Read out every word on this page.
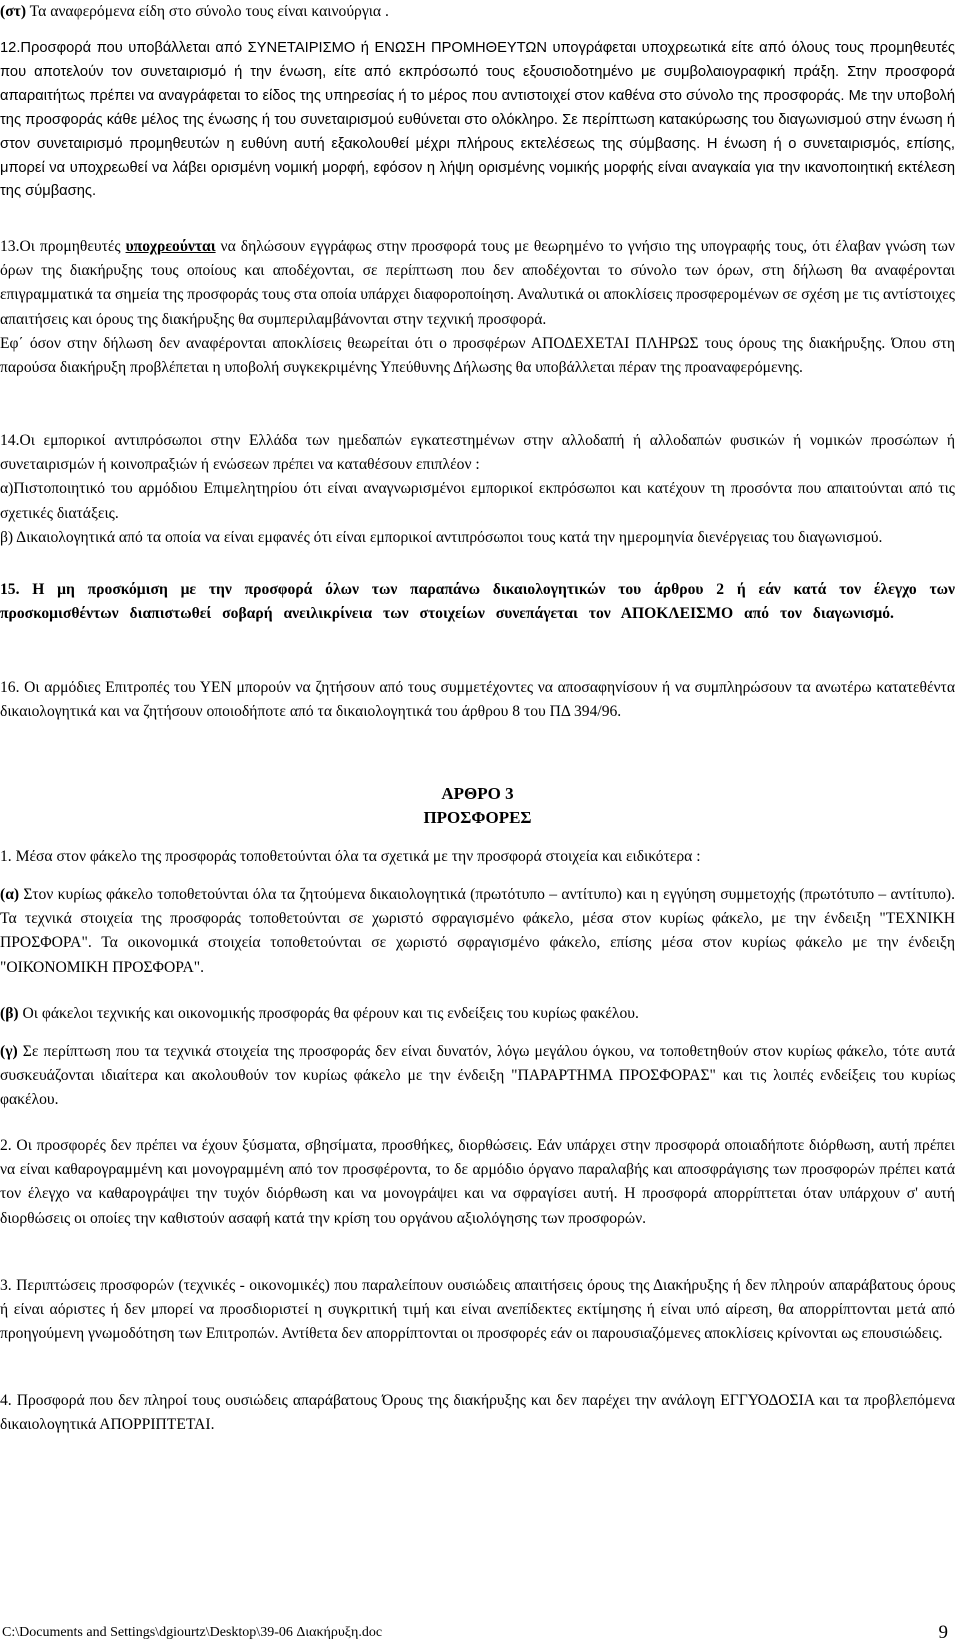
(στ) Τα αναφερόμενα είδη στο σύνολο τους είναι καινούργια .

12.Προσφορά που υποβάλλεται από ΣΥΝΕΤΑΙΡΙΣΜΟ ή ΕΝΩΣΗ ΠΡΟΜΗΘΕΥΤΩΝ υπογράφεται υποχρεωτικά είτε από όλους τους προμηθευτές που αποτελούν τον συνεταιρισμό ή την ένωση, είτε από εκπρόσωπό τους εξουσιοδοτημένο με συμβολαιογραφική πράξη. Στην προσφορά απαραιτήτως πρέπει να αναγράφεται το είδος της υπηρεσίας ή το μέρος που αντιστοιχεί στον καθένα στο σύνολο της προσφοράς. Με την υποβολή της προσφοράς κάθε μέλος της ένωσης ή του συνεταιρισμού ευθύνεται στο ολόκληρο. Σε περίπτωση κατακύρωσης του διαγωνισμού στην ένωση ή στον συνεταιρισμό προμηθευτών η ευθύνη αυτή εξακολουθεί μέχρι πλήρους εκτελέσεως της σύμβασης. Η ένωση ή ο συνεταιρισμός, επίσης, μπορεί να υποχρεωθεί να λάβει ορισμένη νομική μορφή, εφόσον η λήψη ορισμένης νομικής μορφής είναι αναγκαία για την ικανοποιητική εκτέλεση της σύμβασης.

13.Οι προμηθευτές υποχρεούνται να δηλώσουν εγγράφως στην προσφορά τους με θεωρημένο το γνήσιο της υπογραφής τους, ότι έλαβαν γνώση των όρων της διακήρυξης τους οποίους και αποδέχονται, σε περίπτωση που δεν αποδέχονται το σύνολο των όρων, στη δήλωση θα αναφέρονται επιγραμματικά τα σημεία της προσφοράς τους στα οποία υπάρχει διαφοροποίηση. Αναλυτικά οι αποκλίσεις προσφερομένων σε σχέση με τις αντίστοιχες απαιτήσεις και όρους της διακήρυξης θα συμπεριλαμβάνονται στην τεχνική προσφορά.

Εφ΄ όσον στην δήλωση δεν αναφέρονται αποκλίσεις θεωρείται ότι ο προσφέρων ΑΠΟΔΕΧΕΤΑΙ ΠΛΗΡΩΣ τους όρους της διακήρυξης. Όπου στη παρούσα διακήρυξη προβλέπεται η υποβολή συγκεκριμένης Υπεύθυνης Δήλωσης θα υποβάλλεται πέραν της προαναφερόμενης.

14.Οι εμπορικοί αντιπρόσωποι στην Ελλάδα των ημεδαπών εγκατεστημένων στην αλλοδαπή ή αλλοδαπών φυσικών ή νομικών προσώπων ή συνεταιρισμών ή κοινοπραξιών ή ενώσεων πρέπει να καταθέσουν επιπλέον :

α)Πιστοποιητικό του αρμόδιου Επιμελητηρίου ότι είναι αναγνωρισμένοι εμπορικοί εκπρόσωποι και κατέχουν τη προσόντα που απαιτούνται από τις σχετικές διατάξεις.

β) Δικαιολογητικά από τα οποία να είναι εμφανές ότι είναι εμπορικοί αντιπρόσωποι τους κατά την ημερομηνία διενέργειας του διαγωνισμού.

15. Η μη προσκόμιση με την προσφορά όλων των παραπάνω δικαιολογητικών του άρθρου 2 ή εάν κατά τον έλεγχο των προσκομισθέντων διαπιστωθεί σοβαρή ανειλικρίνεια των στοιχείων συνεπάγεται τον ΑΠΟΚΛΕΙΣΜΟ από τον διαγωνισμό.

16. Οι αρμόδιες Επιτροπές του ΥΕΝ μπορούν να ζητήσουν από τους συμμετέχοντες να αποσαφηνίσουν ή να συμπληρώσουν τα ανωτέρω κατατεθέντα δικαιολογητικά και να ζητήσουν οποιοδήποτε από τα δικαιολογητικά του άρθρου 8 του ΠΔ 394/96.

ΑΡΘΡΟ 3
ΠΡΟΣΦΟΡΕΣ

1. Μέσα στον φάκελο της προσφοράς τοποθετούνται όλα τα σχετικά με την προσφορά στοιχεία και ειδικότερα :

(α) Στον κυρίως φάκελο τοποθετούνται όλα τα ζητούμενα δικαιολογητικά (πρωτότυπο – αντίτυπο) και η εγγύηση συμμετοχής (πρωτότυπο – αντίτυπο). Τα τεχνικά στοιχεία της προσφοράς τοποθετούνται σε χωριστό σφραγισμένο φάκελο, μέσα στον κυρίως φάκελο, με την ένδειξη "ΤΕΧΝΙΚΗ ΠΡΟΣΦΟΡΑ". Τα οικονομικά στοιχεία τοποθετούνται σε χωριστό σφραγισμένο φάκελο, επίσης μέσα στον κυρίως φάκελο με την ένδειξη "ΟΙΚΟΝΟΜΙΚΗ ΠΡΟΣΦΟΡΑ".

(β) Οι φάκελοι τεχνικής και οικονομικής προσφοράς θα φέρουν και τις ενδείξεις του κυρίως φακέλου.

(γ) Σε περίπτωση που τα τεχνικά στοιχεία της προσφοράς δεν είναι δυνατόν, λόγω μεγάλου όγκου, να τοποθετηθούν στον κυρίως φάκελο, τότε αυτά συσκευάζονται ιδιαίτερα και ακολουθούν τον κυρίως φάκελο με την ένδειξη "ΠΑΡΑΡΤΗΜΑ ΠΡΟΣΦΟΡΑΣ" και τις λοιπές ενδείξεις του κυρίως φακέλου.

2. Οι προσφορές δεν πρέπει να έχουν ξύσματα, σβησίματα, προσθήκες, διορθώσεις. Εάν υπάρχει στην προσφορά οποιαδήποτε διόρθωση, αυτή πρέπει να είναι καθαρογραμμένη και μονογραμμένη από τον προσφέροντα, το δε αρμόδιο όργανο παραλαβής και αποσφράγισης των προσφορών πρέπει κατά τον έλεγχο να καθαρογράψει την τυχόν διόρθωση και να μονογράψει και να σφραγίσει αυτή. Η προσφορά απορρίπτεται όταν υπάρχουν σ' αυτή διορθώσεις οι οποίες την καθιστούν ασαφή κατά την κρίση του οργάνου αξιολόγησης των προσφορών.

3. Περιπτώσεις προσφορών (τεχνικές - οικονομικές) που παραλείπουν ουσιώδεις απαιτήσεις όρους της Διακήρυξης ή δεν πληρούν απαράβατους όρους ή είναι αόριστες ή δεν μπορεί να προσδιοριστεί η συγκριτική τιμή και είναι ανεπίδεκτες εκτίμησης ή είναι υπό αίρεση, θα απορρίπτονται μετά από προηγούμενη γνωμοδότηση των Επιτροπών. Αντίθετα δεν απορρίπτονται οι προσφορές εάν οι παρουσιαζόμενες αποκλίσεις κρίνονται ως επουσιώδεις.

4. Προσφορά που δεν πληροί τους ουσιώδεις απαράβατους Όρους της διακήρυξης και δεν παρέχει την ανάλογη ΕΓΓΥΟΔΟΣΙΑ και τα προβλεπόμενα δικαιολογητικά ΑΠΟΡΡΙΠΤΕΤΑΙ.

C:\Documents and Settings\dgiourtz\Desktop\39-06 Διακήρυξη.doc	9
